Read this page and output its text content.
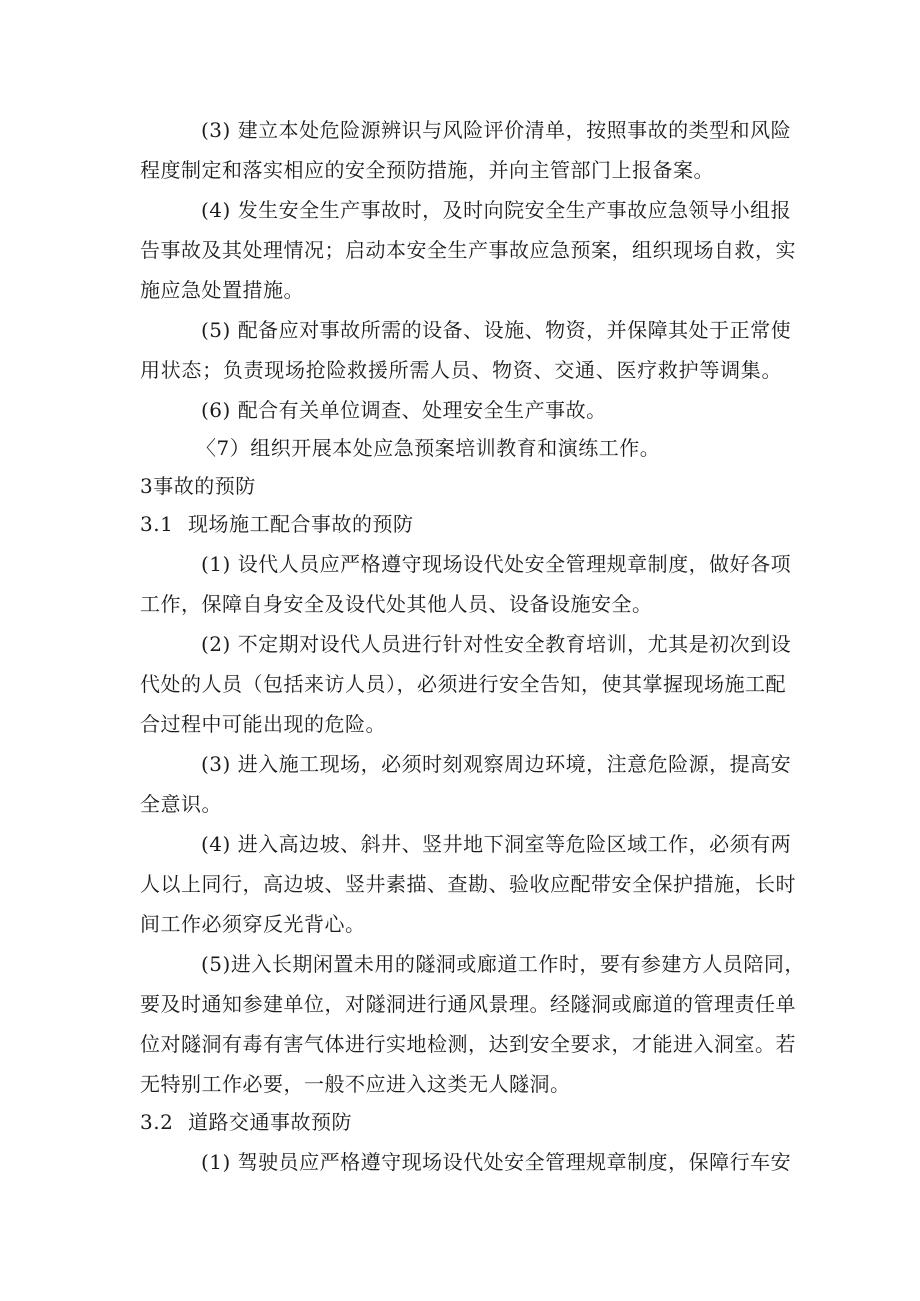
(3) 建立本处危险源辨识与风险评价清单，按照事故的类型和风险
程度制定和落实相应的安全预防措施，并向主管部门上报备案。
(4) 发生安全生产事故时，及时向院安全生产事故应急领导小组报
告事故及其处理情况；启动本安全生产事故应急预案，组织现场自救，实
施应急处置措施。
(5) 配备应对事故所需的设备、设施、物资，并保障其处于正常使
用状态；负责现场抢险救援所需人员、物资、交通、医疗救护等调集。
(6) 配合有关单位调查、处理安全生产事故。
〈7）组织开展本处应急预案培训教育和演练工作。
3事故的预防
3.1 现场施工配合事故的预防
(1) 设代人员应严格遵守现场设代处安全管理规章制度，做好各项
工作，保障自身安全及设代处其他人员、设备设施安全。
(2) 不定期对设代人员进行针对性安全教育培训，尤其是初次到设
代处的人员（包括来访人员），必须进行安全告知，使其掌握现场施工配
合过程中可能出现的危险。
(3) 进入施工现场，必须时刻观察周边环境，注意危险源，提高安
全意识。
(4) 进入高边坡、斜井、竖井地下洞室等危险区域工作，必须有两
人以上同行，高边坡、竖井素描、查勘、验收应配带安全保护措施，长时
间工作必须穿反光背心。
(5)进入长期闲置未用的隧洞或廊道工作时，要有参建方人员陪同，
要及时通知参建单位，对隧洞进行通风景理。经隧洞或廊道的管理责任单
位对隧洞有毒有害气体进行实地检测，达到安全要求，才能进入洞室。若
无特别工作必要，一般不应进入这类无人隧洞。
3.2 道路交通事故预防
(1) 驾驶员应严格遵守现场设代处安全管理规章制度，保障行车安
